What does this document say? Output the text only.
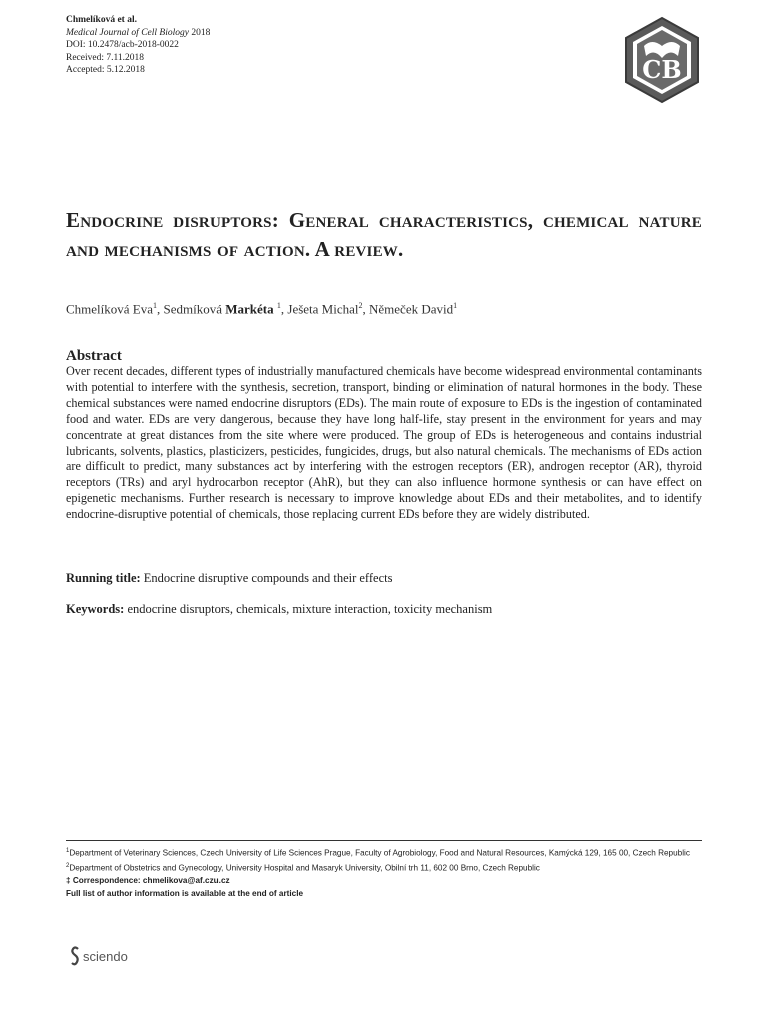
Chmelíková et al.
Medical Journal of Cell Biology 2018
DOI: 10.2478/acb-2018-0022
Received: 7.11.2018
Accepted: 5.12.2018	CB
Endocrine disruptors: General characteristics, chemical nature and mechanisms of action. A review.
Chmelíková Eva$^1$, Sedmíková Markéta $^1$, Ješeta Michal$^2$, Němeček David$^1$
Abstract
Over recent decades, different types of industrially manufactured chemicals have become widespread environmental contaminants with potential to interfere with the synthesis, secretion, transport, binding or elimination of natural hormones in the body. These chemical substances were named endocrine disruptors (EDs). The main route of exposure to EDs is the ingestion of contaminated food and water. EDs are very dangerous, because they have long half-life, stay present in the environment for years and may concentrate at great distances from the site where were produced. The group of EDs is heterogeneous and contains industrial lubricants, solvents, plastics, plasticizers, pesticides, fungicides, drugs, but also natural chemicals. The mechanisms of EDs action are difficult to predict, many substances act by interfering with the estrogen receptors (ER), androgen receptor (AR), thyroid receptors (TRs) and aryl hydrocarbon receptor (AhR), but they can also influence hormone synthesis or can have effect on epigenetic mechanisms. Further research is necessary to improve knowledge about EDs and their metabolites, and to identify endocrine-disruptive potential of chemicals, those replacing current EDs before they are widely distributed.
Running title: Endocrine disruptive compounds and their effects
Keywords: endocrine disruptors, chemicals, mixture interaction, toxicity mechanism
$^1$Department of Veterinary Sciences, Czech University of Life Sciences Prague, Faculty of Agrobiology, Food and Natural Resources, Kamýcká 129, 165 00, Czech Republic
$^2$Department of Obstetrics and Gynecology, University Hospital and Masaryk University, Obilní trh 11, 602 00 Brno, Czech Republic
‡ Correspondence: chmelikova@af.czu.cz
Full list of author information is available at the end of article
sciendo
